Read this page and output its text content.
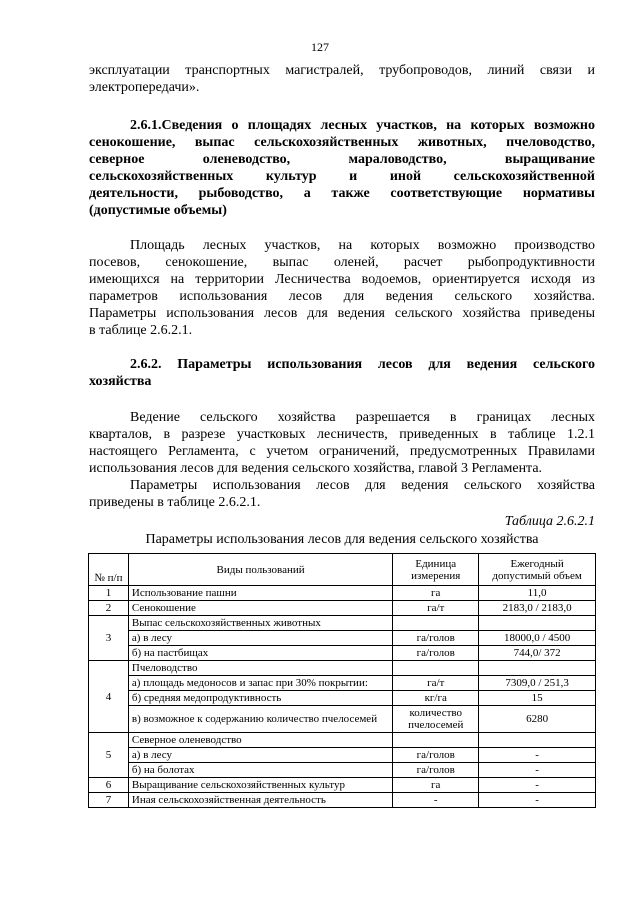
127
эксплуатации транспортных магистралей, трубопроводов, линий связи и
электропередачи».
2.6.1.Сведения о площадях лесных участков, на которых возможно
сенокошение, выпас сельскохозяйственных животных, пчеловодство,
северное оленеводство, мараловодство, выращивание
сельскохозяйственных культур и иной сельскохозяйственной
деятельности, рыбоводство, а также соответствующие нормативы
(допустимые объемы)
Площадь лесных участков, на которых возможно производство
посевов, сенокошение, выпас оленей, расчет рыбопродуктивности
имеющихся на территории Лесничества водоемов, ориентируется исходя из
параметров использования лесов для ведения сельского хозяйства.
Параметры использования лесов для ведения сельского хозяйства приведены
в таблице 2.6.2.1.
2.6.2. Параметры использования лесов для ведения сельского
хозяйства
Ведение сельского хозяйства разрешается в границах лесных
кварталов, в разрезе участковых лесничеств, приведенных в таблице 1.2.1
настоящего Регламента, с учетом ограничений, предусмотренных Правилами
использования лесов для ведения сельского хозяйства, главой 3 Регламента.
Параметры использования лесов для ведения сельского хозяйства
приведены в таблице 2.6.2.1.
Таблица 2.6.2.1
Параметры использования лесов для ведения сельского хозяйства
№ п/п	Виды пользований	Единица измерения	Ежегодный допустимый объем
1	Использование пашни	га	11,0
2	Сенокошение	га/т	2183,0 / 2183,0
3	Выпас сельскохозяйственных животных		
	а) в лесу	га/голов	18000,0 / 4500
	б) на пастбищах	га/голов	744,0/ 372
4	Пчеловодство		
	а) площадь медоносов и запас при 30% покрытии:	га/т	7309,0 / 251,3
	б) средняя медопродуктивность	кг/га	15
	в) возможное к содержанию количество пчелосемей	количество пчелосемей	6280
5	Северное оленеводство		
	а) в лесу	га/голов	-
	б) на болотах	га/голов	-
6	Выращивание сельскохозяйственных культур	га	-
7	Иная сельскохозяйственная деятельность	-	-
